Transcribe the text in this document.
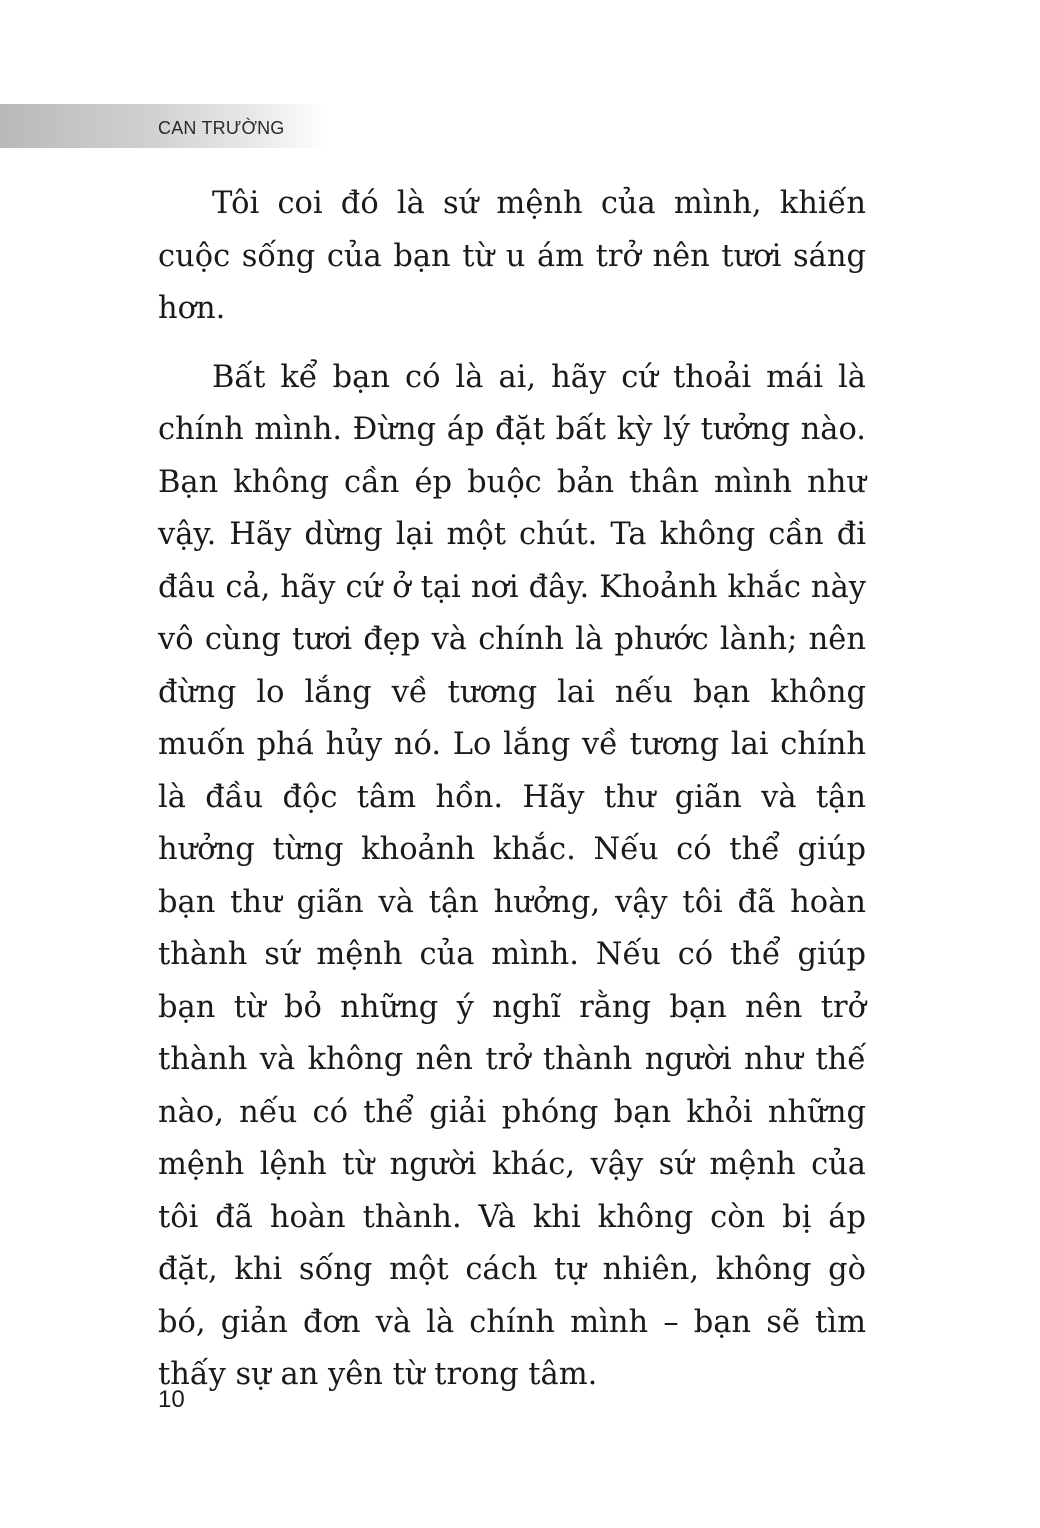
CAN TRƯỜNG

Tôi coi đó là sứ mệnh của mình, khiến cuộc sống của bạn từ u ám trở nên tươi sáng hơn.

Bất kể bạn có là ai, hãy cứ thoải mái là chính mình. Đừng áp đặt bất kỳ lý tưởng nào. Bạn không cần ép buộc bản thân mình như vậy. Hãy dừng lại một chút. Ta không cần đi đâu cả, hãy cứ ở tại nơi đây. Khoảnh khắc này vô cùng tươi đẹp và chính là phước lành; nên đừng lo lắng về tương lai nếu bạn không muốn phá hủy nó. Lo lắng về tương lai chính là đầu độc tâm hồn. Hãy thư giãn và tận hưởng từng khoảnh khắc. Nếu có thể giúp bạn thư giãn và tận hưởng, vậy tôi đã hoàn thành sứ mệnh của mình. Nếu có thể giúp bạn từ bỏ những ý nghĩ rằng bạn nên trở thành và không nên trở thành người như thế nào, nếu có thể giải phóng bạn khỏi những mệnh lệnh từ người khác, vậy sứ mệnh của tôi đã hoàn thành. Và khi không còn bị áp đặt, khi sống một cách tự nhiên, không gò bó, giản đơn và là chính mình – bạn sẽ tìm thấy sự an yên từ trong tâm.

10
